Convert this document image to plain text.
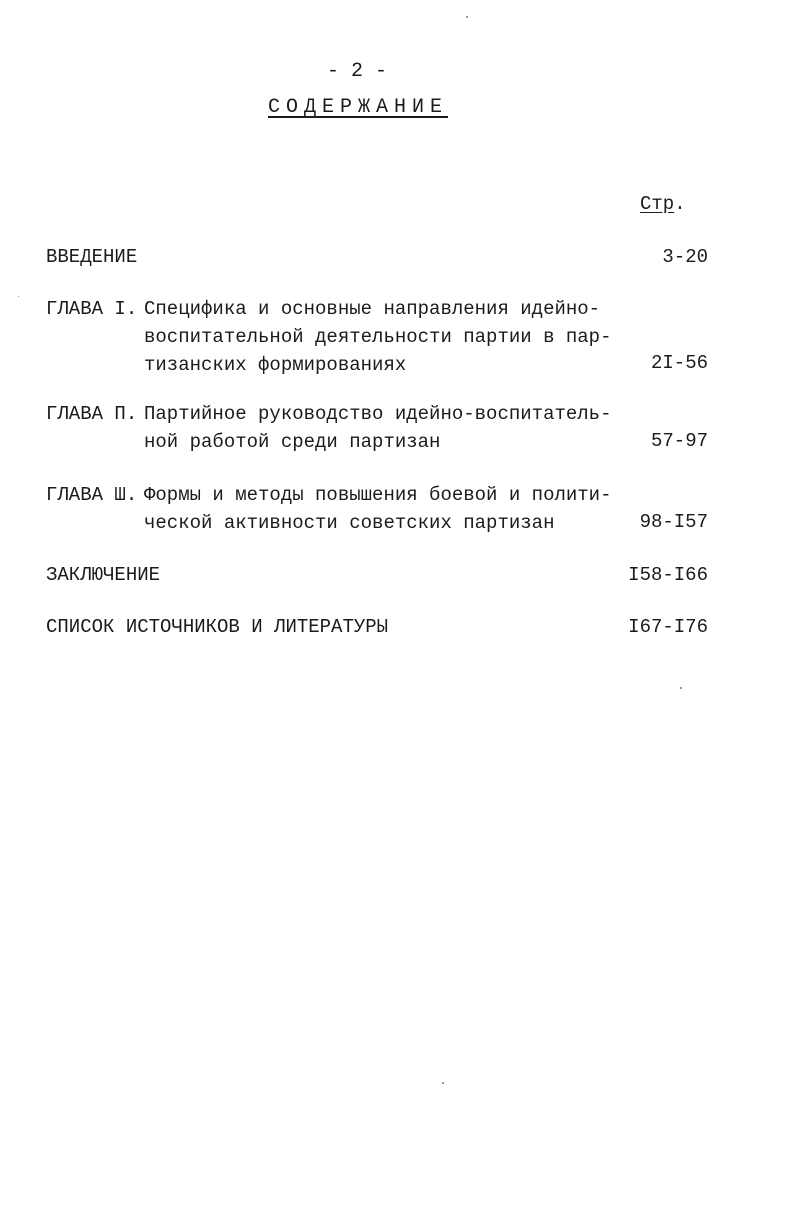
- 2 -
СОДЕРЖАНИЕ
Стр.
ВВЕДЕНИЕ	3-20
ГЛАВА I. Специфика и основные направления идейно-
воспитательной деятельности партии в пар-
тизанских формированиях	2I-56
ГЛАВА П. Партийное руководство идейно-воспитатель-
ной работой среди партизан	57-97
ГЛАВА Ш. Формы и методы повышения боевой и полити-
ческой активности советских партизан	98-I57
ЗАКЛЮЧЕНИЕ	I58-I66
СПИСОК ИСТОЧНИКОВ И ЛИТЕРАТУРЫ	I67-I76
